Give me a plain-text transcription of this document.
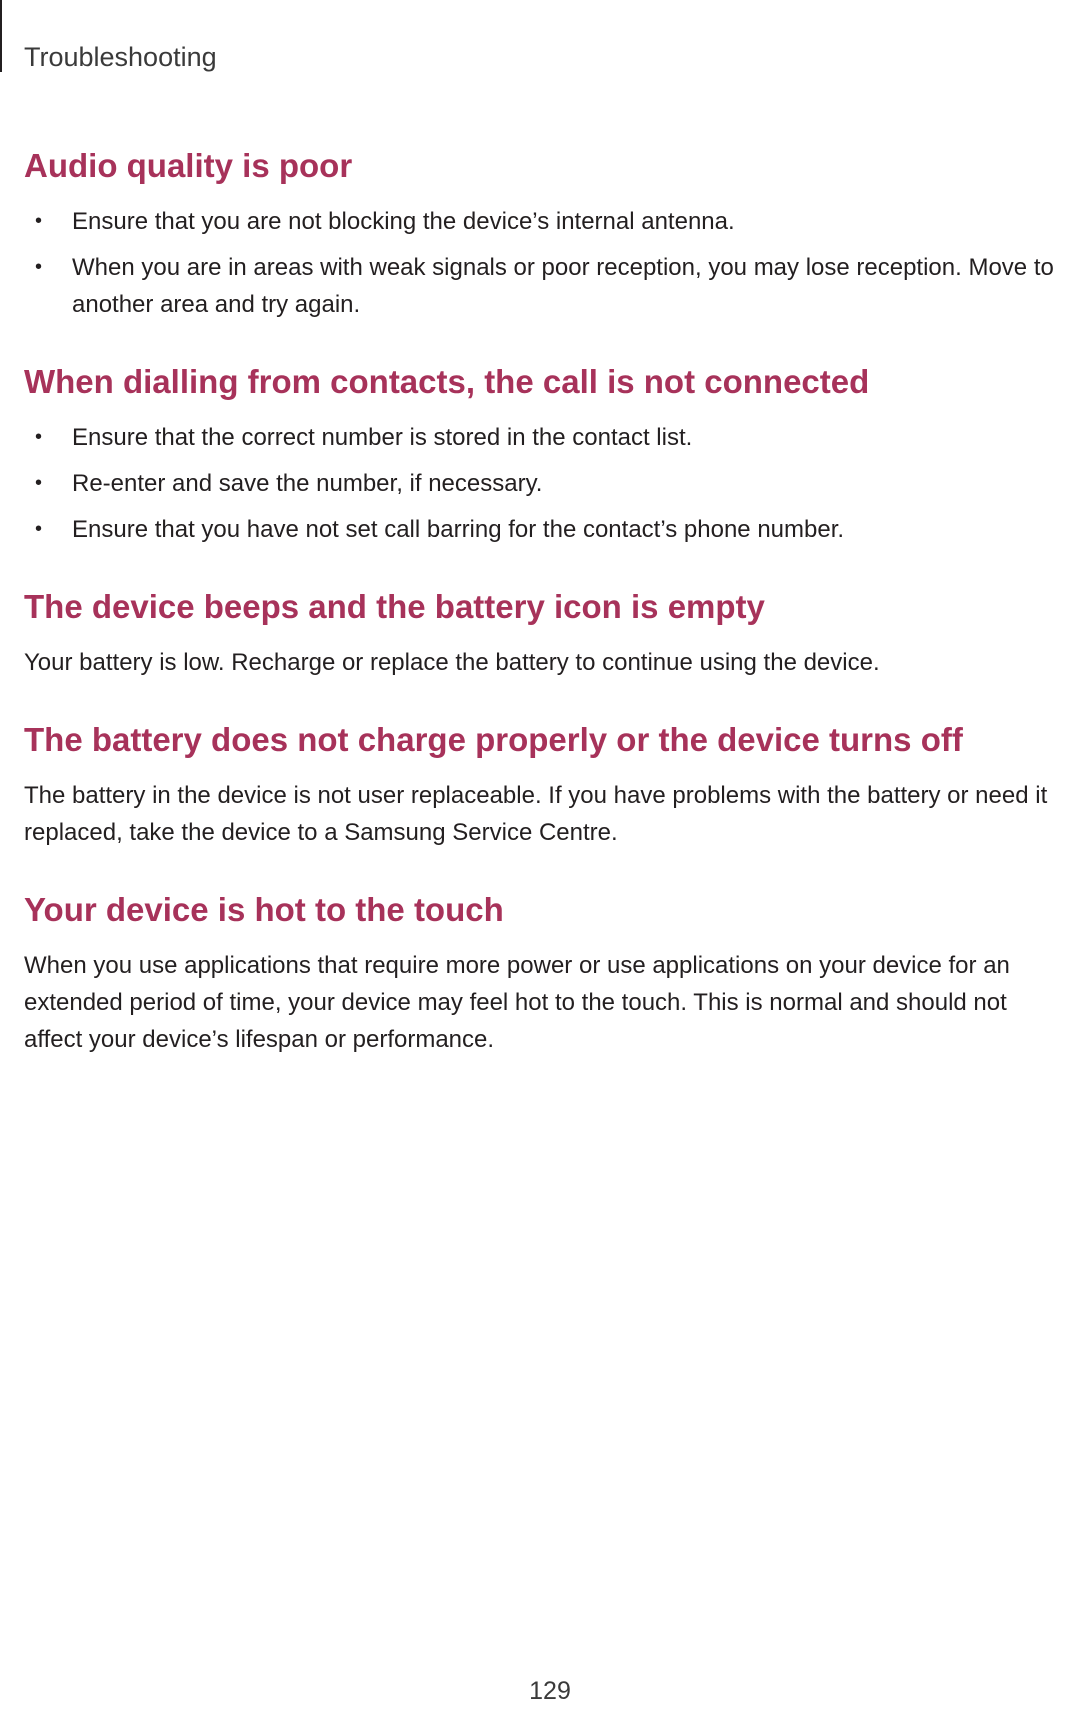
Troubleshooting
Audio quality is poor
• Ensure that you are not blocking the device’s internal antenna.
• When you are in areas with weak signals or poor reception, you may lose reception. Move to another area and try again.
When dialling from contacts, the call is not connected
• Ensure that the correct number is stored in the contact list.
• Re-enter and save the number, if necessary.
• Ensure that you have not set call barring for the contact’s phone number.
The device beeps and the battery icon is empty

Your battery is low. Recharge or replace the battery to continue using the device.

The battery does not charge properly or the device turns off

The battery in the device is not user replaceable. If you have problems with the battery or need it replaced, take the device to a Samsung Service Centre.

Your device is hot to the touch

When you use applications that require more power or use applications on your device for an extended period of time, your device may feel hot to the touch. This is normal and should not affect your device’s lifespan or performance.

129
